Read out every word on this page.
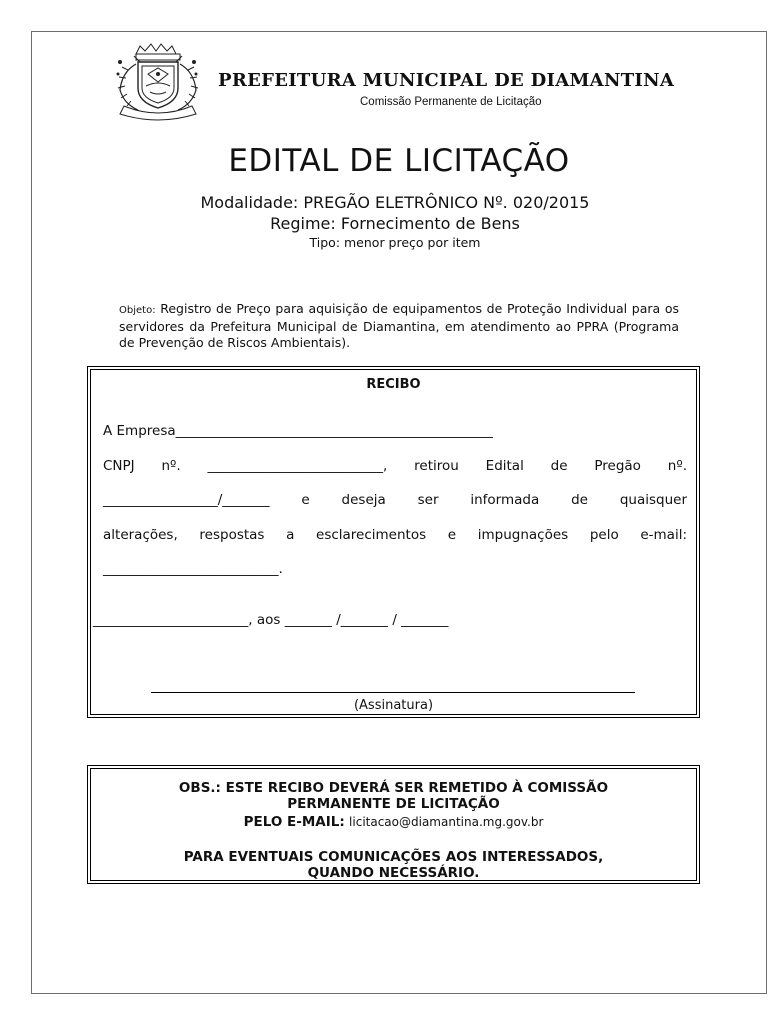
PREFEITURA MUNICIPAL DE DIAMANTINA
Comissão Permanente de Licitação
EDITAL DE LICITAÇÃO
Modalidade: PREGÃO ELETRÔNICO Nº. 020/2015
Regime: Fornecimento de Bens
Tipo: menor preço por item
Objeto: Registro de Preço para aquisição de equipamentos de Proteção Individual para os servidores da Prefeitura Municipal de Diamantina, em atendimento ao PPRA (Programa de Prevenção de Riscos Ambientais).
RECIBO
A Empresa_______________________________________________
CNPJ nº. __________________________, retirou Edital de Pregão nº.
_________________/_______ e deseja ser informada de quaisquer
alterações, respostas a esclarecimentos e impugnações pelo e-mail:
__________________________.
_______________________, aos _______ /_______ / _______
(Assinatura)
OBS.: ESTE RECIBO DEVERÁ SER REMETIDO À COMISSÃO
PERMANENTE DE LICITAÇÃO
PELO E-MAIL: licitacao@diamantina.mg.gov.br
PARA EVENTUAIS COMUNICAÇÕES AOS INTERESSADOS,
QUANDO NECESSÁRIO.
